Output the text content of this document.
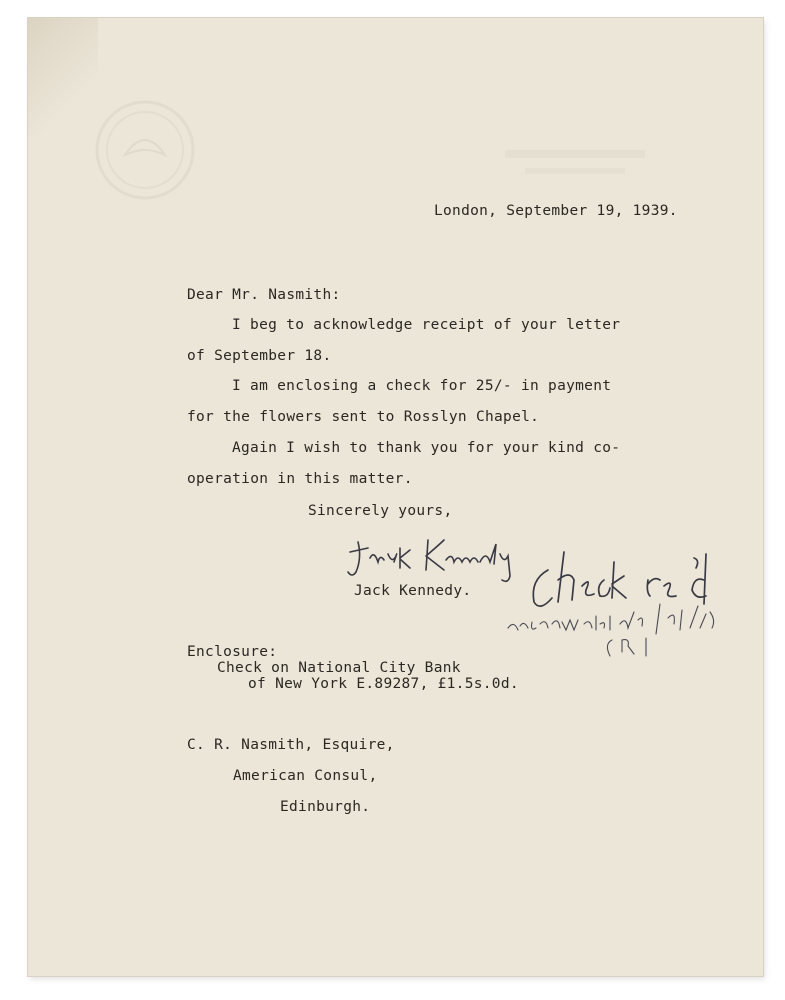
London, September 19, 1939.
Dear Mr. Nasmith:
I beg to acknowledge receipt of your letter
of September 18.
I am enclosing a check for 25/- in payment
for the flowers sent to Rosslyn Chapel.
Again I wish to thank you for your kind co-
operation in this matter.
Sincerely yours,
Jack Kennedy.
Enclosure:
Check on National City Bank
of New York E.89287, £1.5s.0d.
C. R. Nasmith, Esquire,
American Consul,
Edinburgh.
